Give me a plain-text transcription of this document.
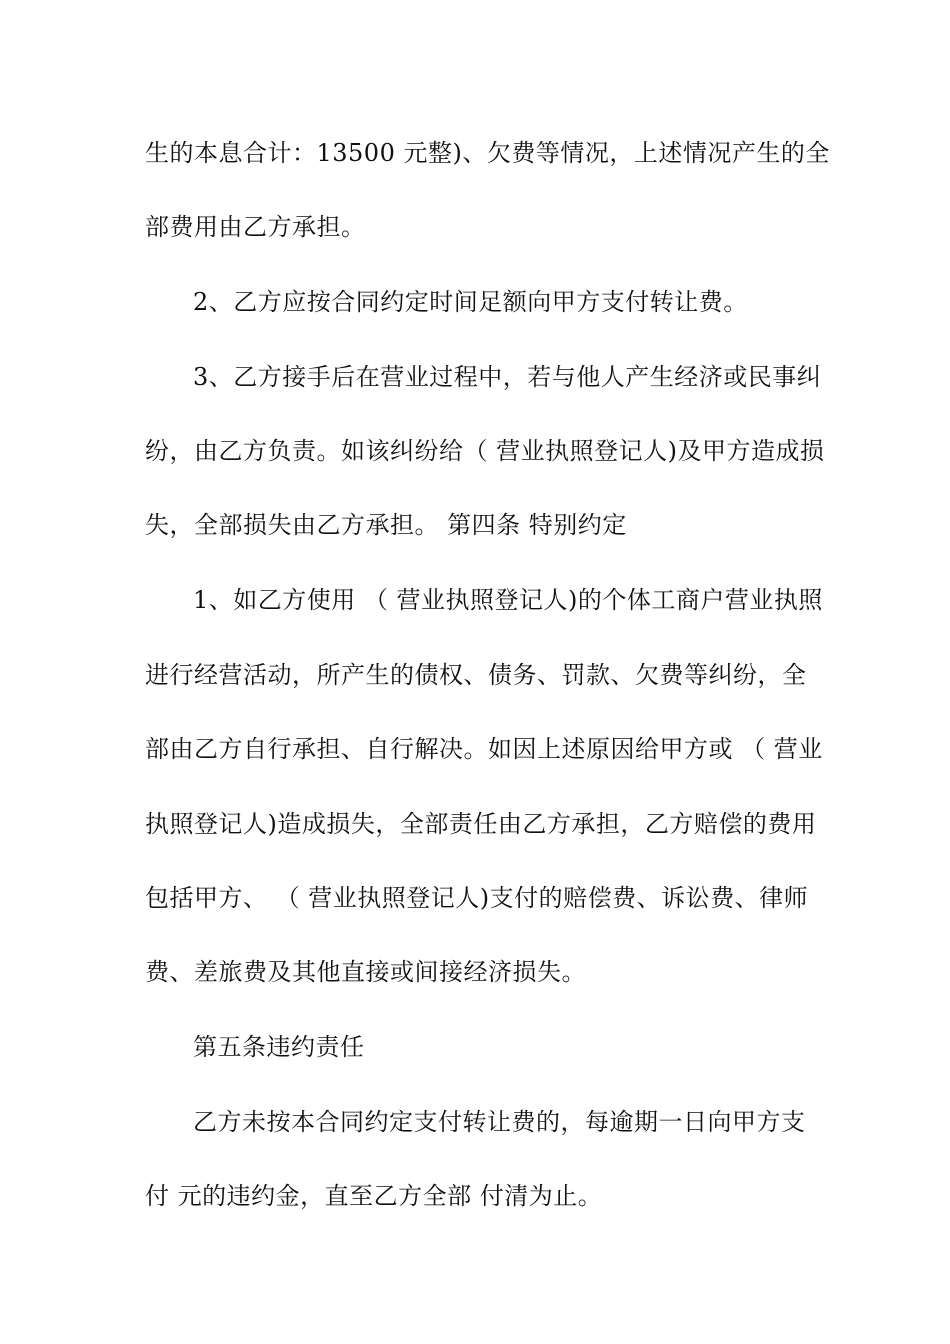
生的本息合计：13500 元整)、欠费等情况，上述情况产生的全
部费用由乙方承担。
2、乙方应按合同约定时间足额向甲方支付转让费。
3、乙方接手后在营业过程中，若与他人产生经济或民事纠
纷，由乙方负责。如该纠纷给（ 营业执照登记人)及甲方造成损
失，全部损失由乙方承担。 第四条 特别约定
1、如乙方使用 （ 营业执照登记人)的个体工商户营业执照
进行经营活动，所产生的债权、债务、罚款、欠费等纠纷，全
部由乙方自行承担、自行解决。如因上述原因给甲方或 （ 营业
执照登记人)造成损失，全部责任由乙方承担，乙方赔偿的费用
包括甲方、 （ 营业执照登记人)支付的赔偿费、诉讼费、律师
费、差旅费及其他直接或间接经济损失。
第五条违约责任
乙方未按本合同约定支付转让费的，每逾期一日向甲方支
付 元的违约金，直至乙方全部 付清为止。
